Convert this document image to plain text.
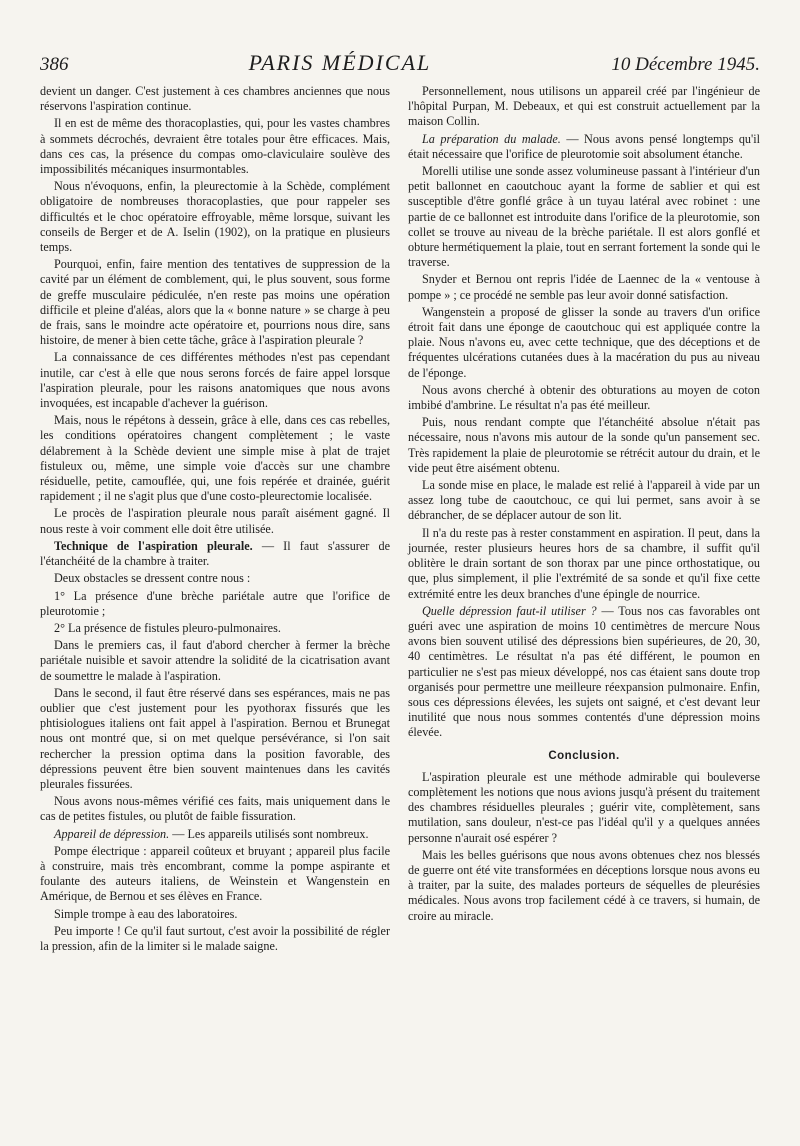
386	PARIS MÉDICAL	10 Décembre 1945.

devient un danger. C'est justement à ces chambres anciennes que nous réservons l'aspiration continue.

Il en est de même des thoracoplasties, qui, pour les vastes chambres à sommets décrochés, devraient être totales pour être efficaces. Mais, dans ces cas, la présence du compas omo-claviculaire soulève des impossibilités mécaniques insurmontables.

Nous n'évoquons, enfin, la pleurectomie à la Schède, complément obligatoire de nombreuses thoracoplasties, que pour rappeler ses difficultés et le choc opératoire effroyable, même lorsque, suivant les conseils de Berger et de A. Iselin (1902), on la pratique en plusieurs temps.

Pourquoi, enfin, faire mention des tentatives de suppression de la cavité par un élément de comblement, qui, le plus souvent, sous forme de greffe musculaire pédiculée, n'en reste pas moins une opération difficile et pleine d'aléas, alors que la « bonne nature » se charge à peu de frais, sans le moindre acte opératoire et, pourrions nous dire, sans histoire, de mener à bien cette tâche, grâce à l'aspiration pleurale ?

La connaissance de ces différentes méthodes n'est pas cependant inutile, car c'est à elle que nous serons forcés de faire appel lorsque l'aspiration pleurale, pour les raisons anatomiques que nous avons invoquées, est incapable d'achever la guérison.

Mais, nous le répétons à dessein, grâce à elle, dans ces cas rebelles, les conditions opératoires changent complètement ; le vaste délabrement à la Schède devient une simple mise à plat de trajet fistuleux ou, même, une simple voie d'accès sur une chambre résiduelle, petite, camouflée, qui, une fois repérée et drainée, guérit rapidement ; il ne s'agit plus que d'une costo-pleurectomie localisée.

Le procès de l'aspiration pleurale nous paraît aisément gagné. Il nous reste à voir comment elle doit être utilisée.

Technique de l'aspiration pleurale. — Il faut s'assurer de l'étanchéité de la chambre à traiter.

Deux obstacles se dressent contre nous :

1° La présence d'une brèche pariétale autre que l'orifice de pleurotomie ;

2° La présence de fistules pleuro-pulmonaires.

Dans le premiers cas, il faut d'abord chercher à fermer la brèche pariétale nuisible et savoir attendre la solidité de la cicatrisation avant de soumettre le malade à l'aspiration.

Dans le second, il faut être réservé dans ses espérances, mais ne pas oublier que c'est justement pour les pyothorax fissurés que les phtisiologues italiens ont fait appel à l'aspiration. Bernou et Brunegat nous ont montré que, si on met quelque persévérance, si l'on sait rechercher la pression optima dans la position favorable, des dépressions peuvent être bien souvent maintenues dans les cavités pleurales fissurées.

Nous avons nous-mêmes vérifié ces faits, mais uniquement dans le cas de petites fistules, ou plutôt de faible fissuration.

Appareil de dépression. — Les appareils utilisés sont nombreux.

Pompe électrique : appareil coûteux et bruyant ; appareil plus facile à construire, mais très encombrant, comme la pompe aspirante et foulante des auteurs italiens, de Weinstein et Wangenstein en Amérique, de Bernou et ses élèves en France.

Simple trompe à eau des laboratoires.

Peu importe ! Ce qu'il faut surtout, c'est avoir la possibilité de régler la pression, afin de la limiter si le malade saigne.

Personnellement, nous utilisons un appareil créé par l'ingénieur de l'hôpital Purpan, M. Debeaux, et qui est construit actuellement par la maison Collin.

La préparation du malade. — Nous avons pensé longtemps qu'il était nécessaire que l'orifice de pleurotomie soit absolument étanche.

Morelli utilise une sonde assez volumineuse passant à l'intérieur d'un petit ballonnet en caoutchouc ayant la forme de sablier et qui est susceptible d'être gonflé grâce à un tuyau latéral avec robinet : une partie de ce ballonnet est introduite dans l'orifice de la pleurotomie, son collet se trouve au niveau de la brèche pariétale. Il est alors gonflé et obture hermétiquement la plaie, tout en serrant fortement la sonde qui le traverse.

Snyder et Bernou ont repris l'idée de Laennec de la « ventouse à pompe » ; ce procédé ne semble pas leur avoir donné satisfaction.

Wangenstein a proposé de glisser la sonde au travers d'un orifice étroit fait dans une éponge de caoutchouc qui est appliquée contre la plaie. Nous n'avons eu, avec cette technique, que des déceptions et de fréquentes ulcérations cutanées dues à la macération du pus au niveau de l'éponge.

Nous avons cherché à obtenir des obturations au moyen de coton imbibé d'ambrine. Le résultat n'a pas été meilleur.

Puis, nous rendant compte que l'étanchéité absolue n'était pas nécessaire, nous n'avons mis autour de la sonde qu'un pansement sec. Très rapidement la plaie de pleurotomie se rétrécit autour du drain, et le vide peut être aisément obtenu.

La sonde mise en place, le malade est relié à l'appareil à vide par un assez long tube de caoutchouc, ce qui lui permet, sans avoir à se débrancher, de se déplacer autour de son lit.

Il n'a du reste pas à rester constamment en aspiration. Il peut, dans la journée, rester plusieurs heures hors de sa chambre, il suffit qu'il oblitère le drain sortant de son thorax par une pince orthostatique, ou que, plus simplement, il plie l'extrémité de sa sonde et qu'il fixe cette extrémité entre les deux branches d'une épingle de nourrice.

Quelle dépression faut-il utiliser ? — Tous nos cas favorables ont guéri avec une aspiration de moins 10 centimètres de mercure Nous avons bien souvent utilisé des dépressions bien supérieures, de 20, 30, 40 centimètres. Le résultat n'a pas été différent, le poumon en particulier ne s'est pas mieux développé, nos cas étaient sans doute trop organisés pour permettre une meilleure réexpansion pulmonaire. Enfin, sous ces dépressions élevées, les sujets ont saigné, et c'est devant leur inutilité que nous nous sommes contentés d'une dépression moins élevée.

Conclusion.

L'aspiration pleurale est une méthode admirable qui bouleverse complètement les notions que nous avions jusqu'à présent du traitement des chambres résiduelles pleurales ; guérir vite, complètement, sans mutilation, sans douleur, n'est-ce pas l'idéal qu'il y a quelques années personne n'aurait osé espérer ?

Mais les belles guérisons que nous avons obtenues chez nos blessés de guerre ont été vite transformées en déceptions lorsque nous avons eu à traiter, par la suite, des malades porteurs de séquelles de pleurésies médicales. Nous avons trop facilement cédé à ce travers, si humain, de croire au miracle.
